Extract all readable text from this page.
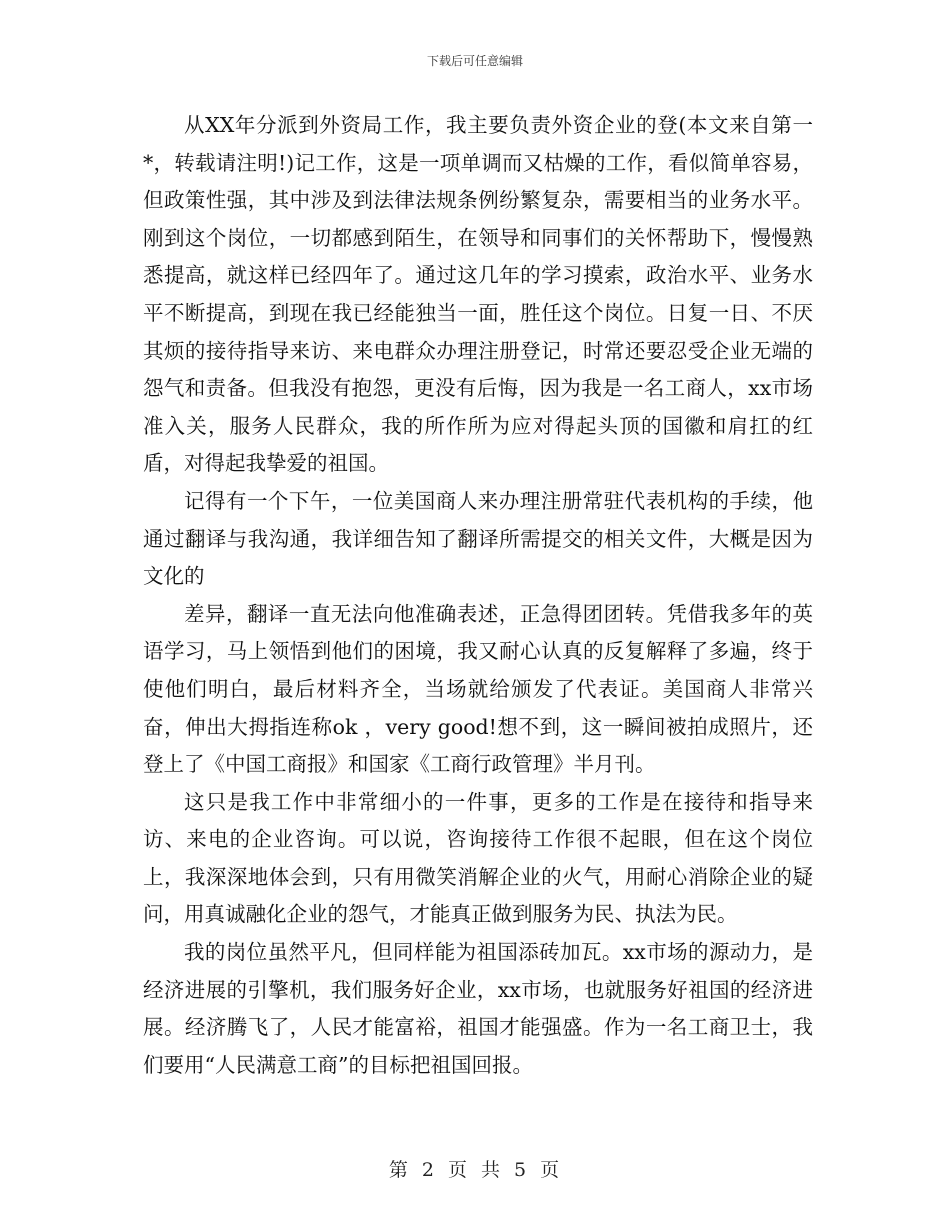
下载后可任意编辑

从XX年分派到外资局工作，我主要负责外资企业的登(本文来自第一*，转载请注明!)记工作，这是一项单调而又枯燥的工作，看似简单容易，但政策性强，其中涉及到法律法规条例纷繁复杂，需要相当的业务水平。刚到这个岗位，一切都感到陌生，在领导和同事们的关怀帮助下，慢慢熟悉提高，就这样已经四年了。通过这几年的学习摸索，政治水平、业务水平不断提高，到现在我已经能独当一面，胜任这个岗位。日复一日、不厌其烦的接待指导来访、来电群众办理注册登记，时常还要忍受企业无端的怨气和责备。但我没有抱怨，更没有后悔，因为我是一名工商人，xx市场准入关，服务人民群众，我的所作所为应对得起头顶的国徽和肩扛的红盾，对得起我挚爱的祖国。

记得有一个下午，一位美国商人来办理注册常驻代表机构的手续，他通过翻译与我沟通，我详细告知了翻译所需提交的相关文件，大概是因为文化的

差异，翻译一直无法向他准确表述，正急得团团转。凭借我多年的英语学习，马上领悟到他们的困境，我又耐心认真的反复解释了多遍，终于使他们明白，最后材料齐全，当场就给颁发了代表证。美国商人非常兴奋，伸出大拇指连称ok ，very good!想不到，这一瞬间被拍成照片，还登上了《中国工商报》和国家《工商行政管理》半月刊。

这只是我工作中非常细小的一件事，更多的工作是在接待和指导来访、来电的企业咨询。可以说，咨询接待工作很不起眼，但在这个岗位上，我深深地体会到，只有用微笑消解企业的火气，用耐心消除企业的疑问，用真诚融化企业的怨气，才能真正做到服务为民、执法为民。

我的岗位虽然平凡，但同样能为祖国添砖加瓦。xx市场的源动力，是经济进展的引擎机，我们服务好企业，xx市场，也就服务好祖国的经济进展。经济腾飞了，人民才能富裕，祖国才能强盛。作为一名工商卫士，我们要用“人民满意工商”的目标把祖国回报。

第 2 页 共 5 页
